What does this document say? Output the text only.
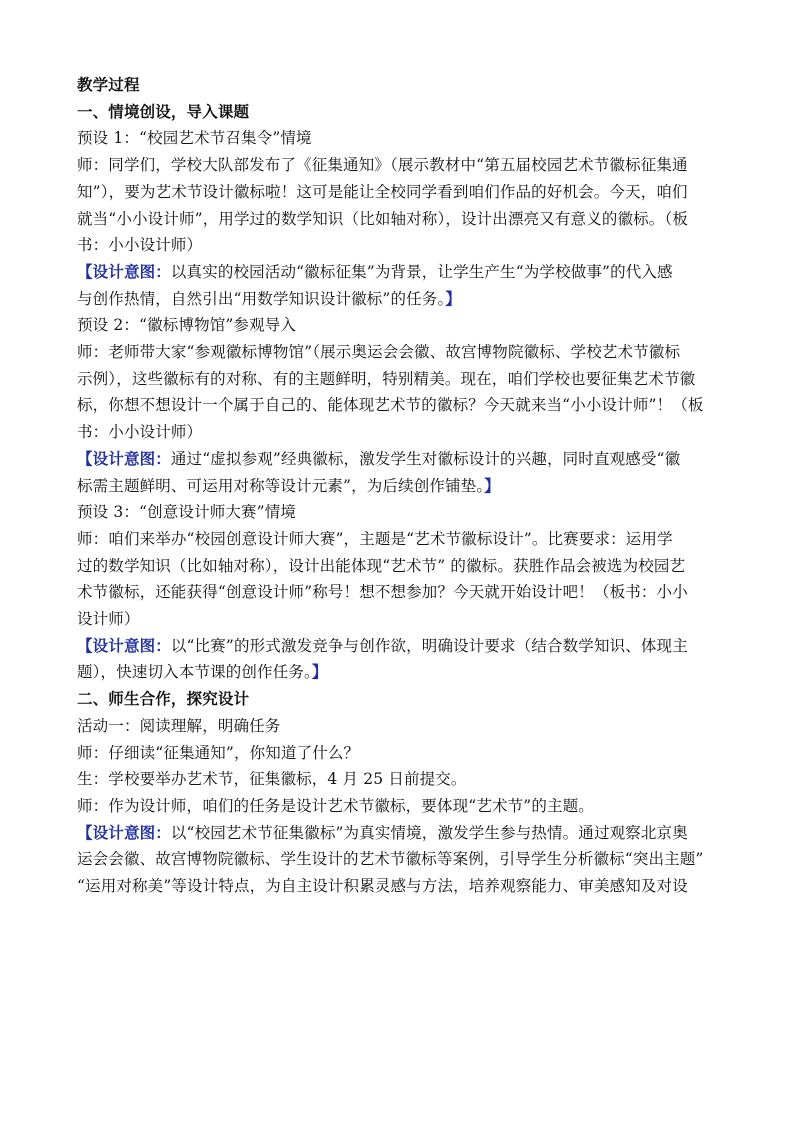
教学过程
一、情境创设，导入课题
预设 1：“校园艺术节召集令”情境
师：同学们，学校大队部发布了《征集通知》（展示教材中“第五届校园艺术节徽标征集通
知”），要为艺术节设计徽标啦！这可是能让全校同学看到咱们作品的好机会。今天，咱们
就当“小小设计师”，用学过的数学知识（比如轴对称），设计出漂亮又有意义的徽标。（板
书：小小设计师）
【设计意图：以真实的校园活动“徽标征集”为背景，让学生产生“为学校做事”的代入感
与创作热情，自然引出“用数学知识设计徽标”的任务。】
预设 2：“徽标博物馆”参观导入
师：老师带大家“参观徽标博物馆”（展示奥运会会徽、故宫博物院徽标、学校艺术节徽标
示例），这些徽标有的对称、有的主题鲜明，特别精美。现在，咱们学校也要征集艺术节徽
标，你想不想设计一个属于自己的、能体现艺术节的徽标？今天就来当“小小设计师”！（板
书：小小设计师）
【设计意图：通过“虚拟参观”经典徽标，激发学生对徽标设计的兴趣，同时直观感受“徽
标需主题鲜明、可运用对称等设计元素”，为后续创作铺垫。】
预设 3：“创意设计师大赛”情境
师：咱们来举办“校园创意设计师大赛”，主题是“艺术节徽标设计”。比赛要求：运用学
过的数学知识（比如轴对称），设计出能体现“艺术节” 的徽标。获胜作品会被选为校园艺
术节徽标，还能获得“创意设计师”称号！想不想参加？今天就开始设计吧！（板书：小小
设计师）
【设计意图：以“比赛”的形式激发竞争与创作欲，明确设计要求（结合数学知识、体现主
题），快速切入本节课的创作任务。】
二、师生合作，探究设计
活动一：阅读理解，明确任务
师：仔细读“征集通知”，你知道了什么？
生：学校要举办艺术节，征集徽标，4 月 25 日前提交。
师：作为设计师，咱们的任务是设计艺术节徽标，要体现“艺术节”的主题。
【设计意图：以“校园艺术节征集徽标”为真实情境，激发学生参与热情。通过观察北京奥
运会会徽、故宫博物院徽标、学生设计的艺术节徽标等案例，引导学生分析徽标“突出主题”
“运用对称美”等设计特点，为自主设计积累灵感与方法，培养观察能力、审美感知及对设
